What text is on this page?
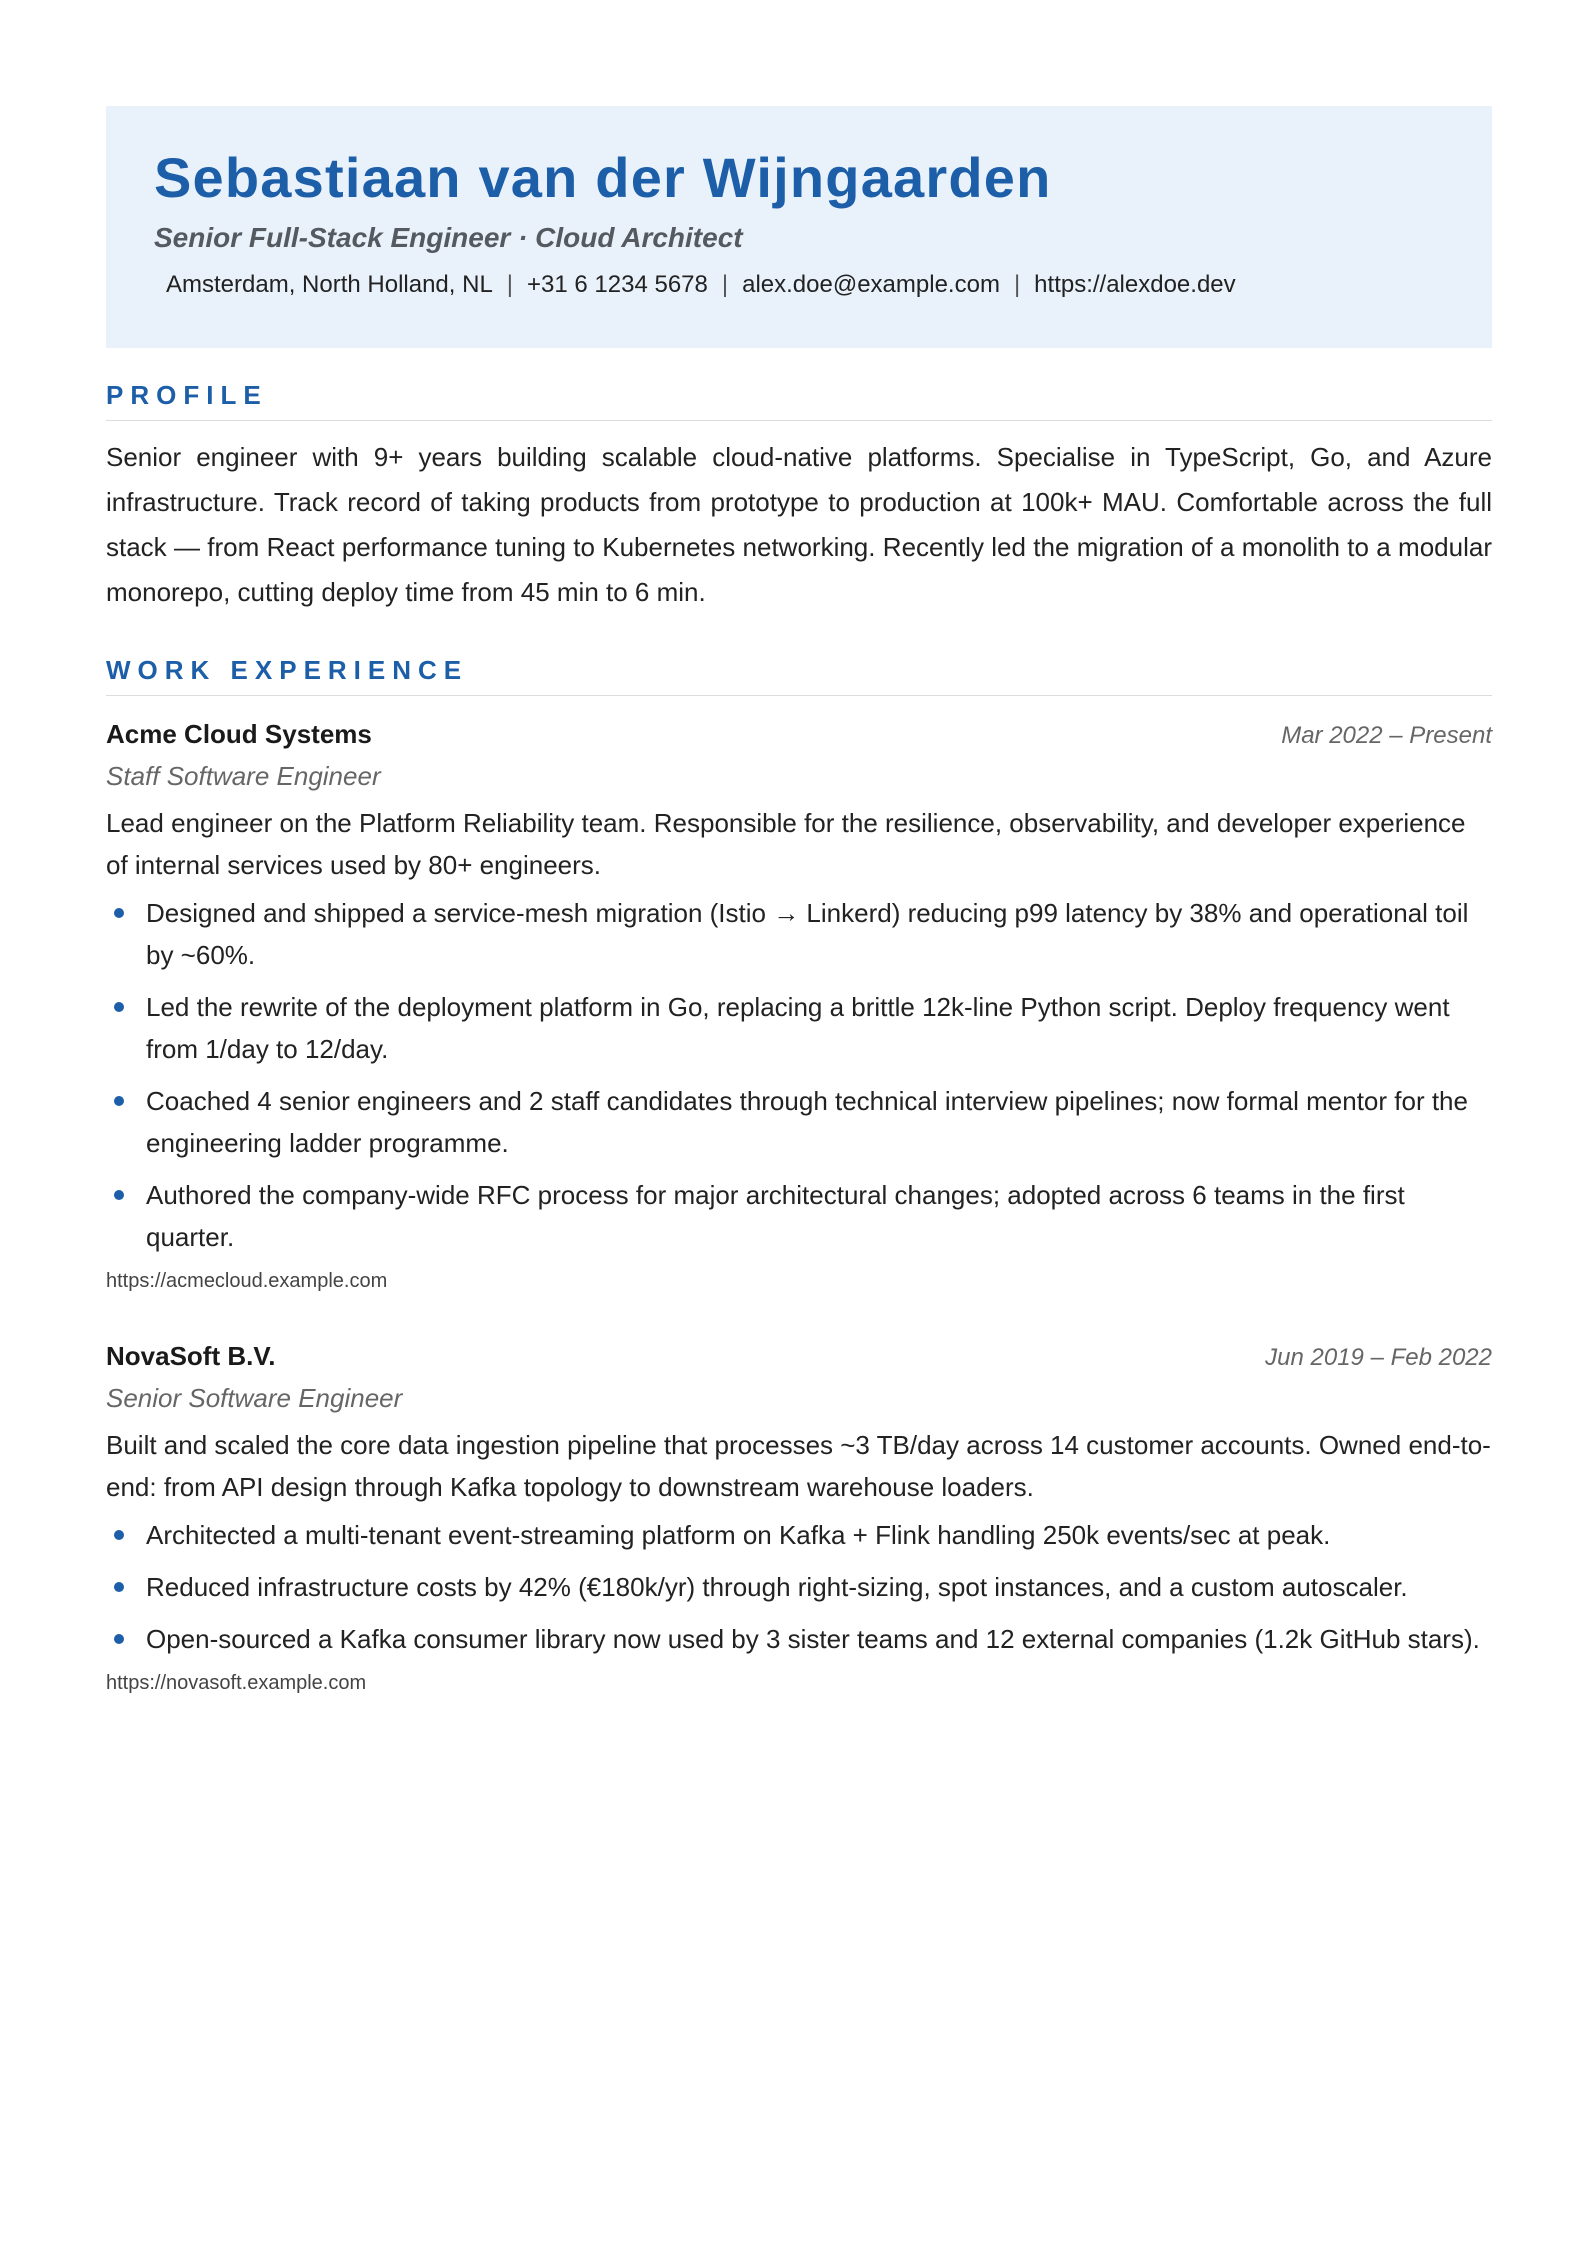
Sebastiaan van der Wijngaarden
Senior Full-Stack Engineer · Cloud Architect
Amsterdam, North Holland, NL | +31 6 1234 5678 | alex.doe@example.com | https://alexdoe.dev
PROFILE
Senior engineer with 9+ years building scalable cloud-native platforms. Specialise in TypeScript, Go, and Azure infrastructure. Track record of taking products from prototype to production at 100k+ MAU. Comfortable across the full stack — from React performance tuning to Kubernetes networking. Recently led the migration of a monolith to a modular monorepo, cutting deploy time from 45 min to 6 min.
WORK EXPERIENCE
Acme Cloud Systems	Mar 2022 – Present
Staff Software Engineer
Lead engineer on the Platform Reliability team. Responsible for the resilience, observability, and developer experience of internal services used by 80+ engineers.
Designed and shipped a service-mesh migration (Istio → Linkerd) reducing p99 latency by 38% and operational toil by ~60%.
Led the rewrite of the deployment platform in Go, replacing a brittle 12k-line Python script. Deploy frequency went from 1/day to 12/day.
Coached 4 senior engineers and 2 staff candidates through technical interview pipelines; now formal mentor for the engineering ladder programme.
Authored the company-wide RFC process for major architectural changes; adopted across 6 teams in the first quarter.
https://acmecloud.example.com
NovaSoft B.V.	Jun 2019 – Feb 2022
Senior Software Engineer
Built and scaled the core data ingestion pipeline that processes ~3 TB/day across 14 customer accounts. Owned end-to-end: from API design through Kafka topology to downstream warehouse loaders.
Architected a multi-tenant event-streaming platform on Kafka + Flink handling 250k events/sec at peak.
Reduced infrastructure costs by 42% (€180k/yr) through right-sizing, spot instances, and a custom autoscaler.
Open-sourced a Kafka consumer library now used by 3 sister teams and 12 external companies (1.2k GitHub stars).
https://novasoft.example.com
